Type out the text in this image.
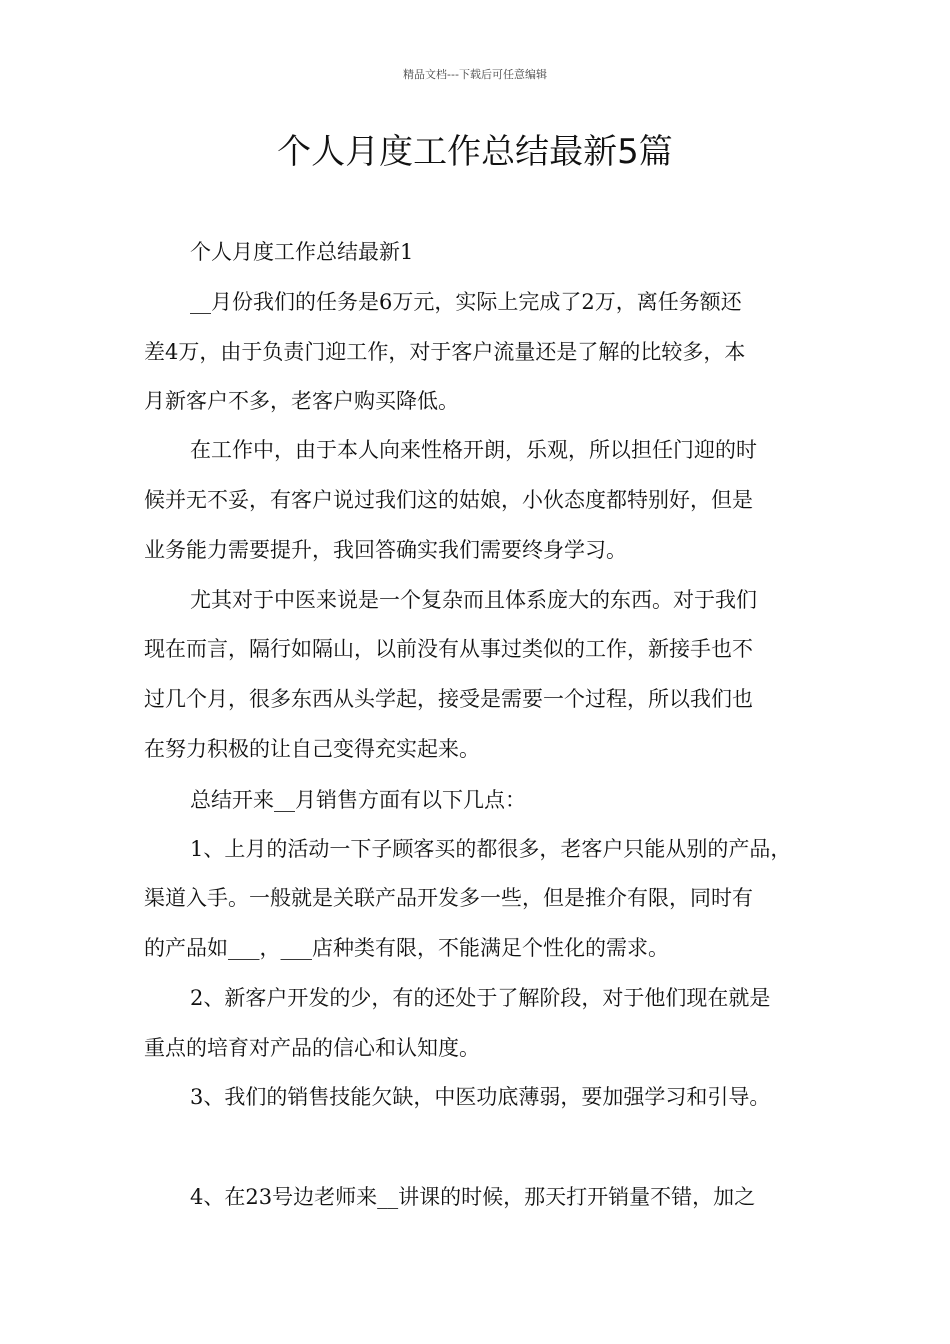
精品文档---下载后可任意编辑
个人月度工作总结最新5篇
个人月度工作总结最新1
__月份我们的任务是6万元，实际上完成了2万，离任务额还
差4万，由于负责门迎工作，对于客户流量还是了解的比较多，本
月新客户不多，老客户购买降低。
在工作中，由于本人向来性格开朗，乐观，所以担任门迎的时
候并无不妥，有客户说过我们这的姑娘，小伙态度都特别好，但是
业务能力需要提升，我回答确实我们需要终身学习。
尤其对于中医来说是一个复杂而且体系庞大的东西。对于我们
现在而言，隔行如隔山，以前没有从事过类似的工作，新接手也不
过几个月，很多东西从头学起，接受是需要一个过程，所以我们也
在努力积极的让自己变得充实起来。
总结开来__月销售方面有以下几点：
1、上月的活动一下子顾客买的都很多，老客户只能从别的产品，
渠道入手。一般就是关联产品开发多一些，但是推介有限，同时有
的产品如___，___店种类有限，不能满足个性化的需求。
2、新客户开发的少，有的还处于了解阶段，对于他们现在就是
重点的培育对产品的信心和认知度。
3、我们的销售技能欠缺，中医功底薄弱，要加强学习和引导。
4、在23号边老师来__讲课的时候，那天打开销量不错，加之
